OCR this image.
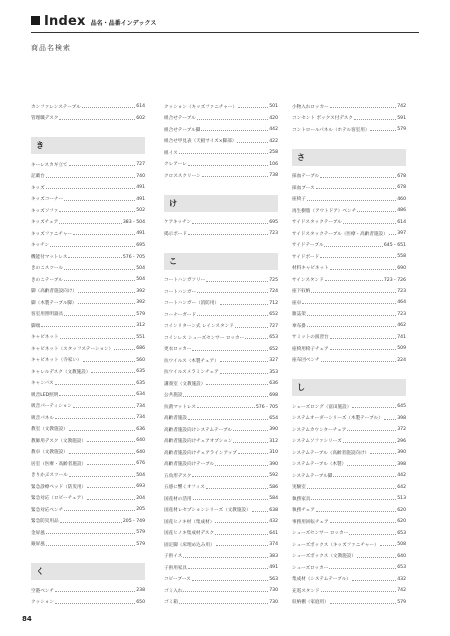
Index 品名・品番インデックス
商品名検索
カンファレンステーブル	614
管理職デスク	602
き
キーレスカギ立て	727
記載台	740
キッズ	491
キッズコーナー	491
キッズソファ	502
キッズチェア	383・504
キッズファニチャー	491
キッチン	695
機能付マットレス	576・705
きのこスツール	504
きのこテーブル	504
脚（高齢者施設向け）	392
脚（木製テーブル脚）	392
客室用照明器具	579
脚端	312
キャビネット	551
キャビネット（スタッフステーション）	686
キャビネット（寺家い）	560
キャレルデスク（文教施設）	635
キャンバス	635
吸音LED照明	634
吸音パーティション	734
吸音パネル	734
教室（文教施設）	636
教師用デスク（文教施設）	640
教卓（文教施設）	640
居室（医療・高齢者施設）	676
きりかぶスツール	504
緊急診療ベッド（防災用）	693
緊急対応（ロビーチェア）	204
緊急対応ベンチ	205
緊急防災用品	205・749
金屏風	579
銀屏風	579
く
空港ベンチ	238
クッション	650
クッション（キッズファニチャー）	501
組合せテーブル	420
組合せテーブル脚	442
組合せ甲見表（天板サイズ×脚部）	422
組イス	258
クレアーレ	106
クロススクリーン	738
け
ケアキッチン	695
掲示ボード	723
こ
コートハンガソリー	725
コートハンガー	724
コートハンガー（消防用）	712
コーナーガード	652
コインリターン式 レインスタンド	727
コインレス シューズセンサー ロッカー	653
更衣ロッカー	652
抗ウイルス（木製チェア）	327
抗ウイルスメラミンチェア	353
講義室（文教施設）	636
公共施設	698
抗菌マットレス	576・705
高齢者施設	654
高齢者施設向けシステムテーブル	390
高齢者施設向けチェアオプション	312
高齢者施設向けチェアラインアップ	310
高齢者施設向けテーブル	390
五角形デスク	592
五感に響くオフィス	586
国産材の活用	584
国産材レセプションシリーズ（文教施設）	638
国産ヒノキ材（集成材）	432
国産ヒノキ集成材デスク	641
固定脚（床埋め込み用）	374
子供イス	383
子供用家具	491
コピーブース	563
ゴミ入れ	730
ゴミ箱	730
小物入れロッカー	742
コンセント ボックス付デスク	591
コントロールパネル（ホテル客室用）	579
さ
採血テーブル	678
採血ブース	678
座椅子	460
再生樹脂（アウトドア）ベンチ	486
サイドスタックテーブル	614
サイドスタックテーブル（医療・高齢者施設） 397
サイドテーブル	645・651
サイドボード	558
材料キャビネット	690
サインスタンド	723・726
座下収納	723
座卓	464
雑誌架	723
傘布掛	462
サミットの演習台	741
座椅用椅子チェア	509
座布団ベンチ	224
し
シェーズロング（富田施設）	645
システムオーダーシリーズ（木製テーブル）	398
システムカウンターチェア	372
システムソファシリーズ	296
システムテーブル（高齢者施設向け）	390
システムテーブル（木製）	398
システムテーブル脚	442
実験室	642
執務家具	513
執務チェア	620
事務用回転チェア	620
シューズセンサー ロッカー	653
シューズボックス（キッズファニチャー）	508
シューズボックス（文教施設）	640
シューズロッカー	653
集成材（システムテーブル）	432
充電スタンド	742
収納棚（家庭用）	579
84
